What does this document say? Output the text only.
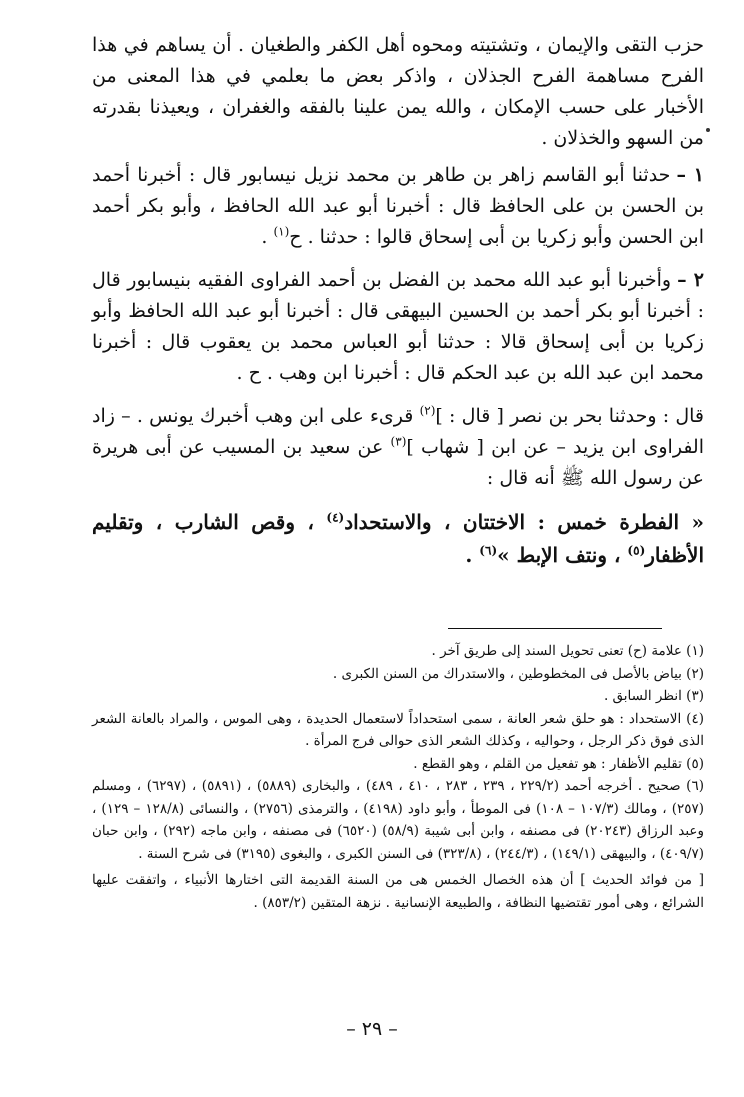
حزب التقى والإيمان ، وتشتيته ومحوه أهل الكفر والطغيان . أن يساهم في هذا الفرح مساهمة الفرح الجذلان ، واذكر بعض ما بعلمي في هذا المعنى من الأخبار على حسب الإمكان ، والله يمن علينا بالفقه والغفران ، ويعيذنا بقدرته من السهو والخذلان .

١ –حدثنا أبو القاسم زاهر بن طاهر بن محمد نزيل نيسابور قال : أخبرنا أحمد بن الحسن بن على الحافظ قال : أخبرنا أبو عبد الله الحافظ ، وأبو بكر أحمد ابن الحسن وأبو زكريا بن أبى إسحاق قالوا : حدثنا . ح$^{(١)}$ .

٢ –وأخبرنا أبو عبد الله محمد بن الفضل بن أحمد الفراوى الفقيه بنيسابور قال : أخبرنا أبو بكر أحمد بن الحسين البيهقى قال : أخبرنا أبو عبد الله الحافظ وأبو زكريا بن أبى إسحاق قالا : حدثنا أبو العباس محمد بن يعقوب قال : أخبرنا محمد ابن عبد الله بن عبد الحكم قال : أخبرنا ابن وهب . ح .

قال : وحدثنا بحر بن نصر [ قال : ]$^{(٢)}$ قرىء على ابن وهب أخبرك يونس . – زاد الفراوى ابن يزيد – عن ابن [ شهاب ]$^{(٣)}$ عن سعيد بن المسيب عن أبى هريرة عن رسول الله ﷺ أنه قال :

« الفطرة خمس : الاختتان ، والاستحداد$^{(٤)}$ ، وقص الشارب ، وتقليم الأظفار$^{(٥)}$ ، ونتف الإبط »$^{(٦)}$ .

(١) علامة (ح) تعنى تحويل السند إلى طريق آخر .

(٢) بياض بالأصل فى المخطوطين ، والاستدراك من السنن الكبرى .

(٣) انظر السابق .

(٤) الاستحداد : هو حلق شعر العانة ، سمى استحداداً لاستعمال الحديدة ، وهى الموس ، والمراد بالعانة الشعر الذى فوق ذكر الرجل ، وحواليه ، وكذلك الشعر الذى حوالى فرج المرأة .

(٥) تقليم الأظفار : هو تفعيل من القلم ، وهو القطع .

(٦) صحيح . أخرجه أحمد (٢٢٩/٢ ، ٢٣٩ ، ٢٨٣ ، ٤١٠ ، ٤٨٩) ، والبخارى (٥٨٨٩) ، (٥٨٩١) ، (٦٢٩٧) ، ومسلم (٢٥٧) ، ومالك (١٠٧/٣ – ١٠٨) فى الموطأ ، وأبو داود (٤١٩٨) ، والترمذى (٢٧٥٦) ، والنسائى (١٢٨/٨ – ١٢٩) ، وعبد الرزاق (٢٠٢٤٣) فى مصنفه ، وابن أبى شيبة (٥٨/٩) (٦٥٢٠) فى مصنفه ، وابن ماجه (٢٩٢) ، وابن حبان (٤٠٩/٧) ، والبيهقى (١٤٩/١) ، (٢٤٤/٣) ، (٣٢٣/٨) فى السنن الكبرى ، والبغوى (٣١٩٥) فى شرح السنة .

[ من فوائد الحديث ] أن هذه الخصال الخمس هى من السنة القديمة التى اختارها الأنبياء ، واتفقت عليها الشرائع ، وهى أمور تقتضيها النظافة ، والطبيعة الإنسانية . نزهة المتقين (٨٥٣/٢) .

– ٢٩ –
